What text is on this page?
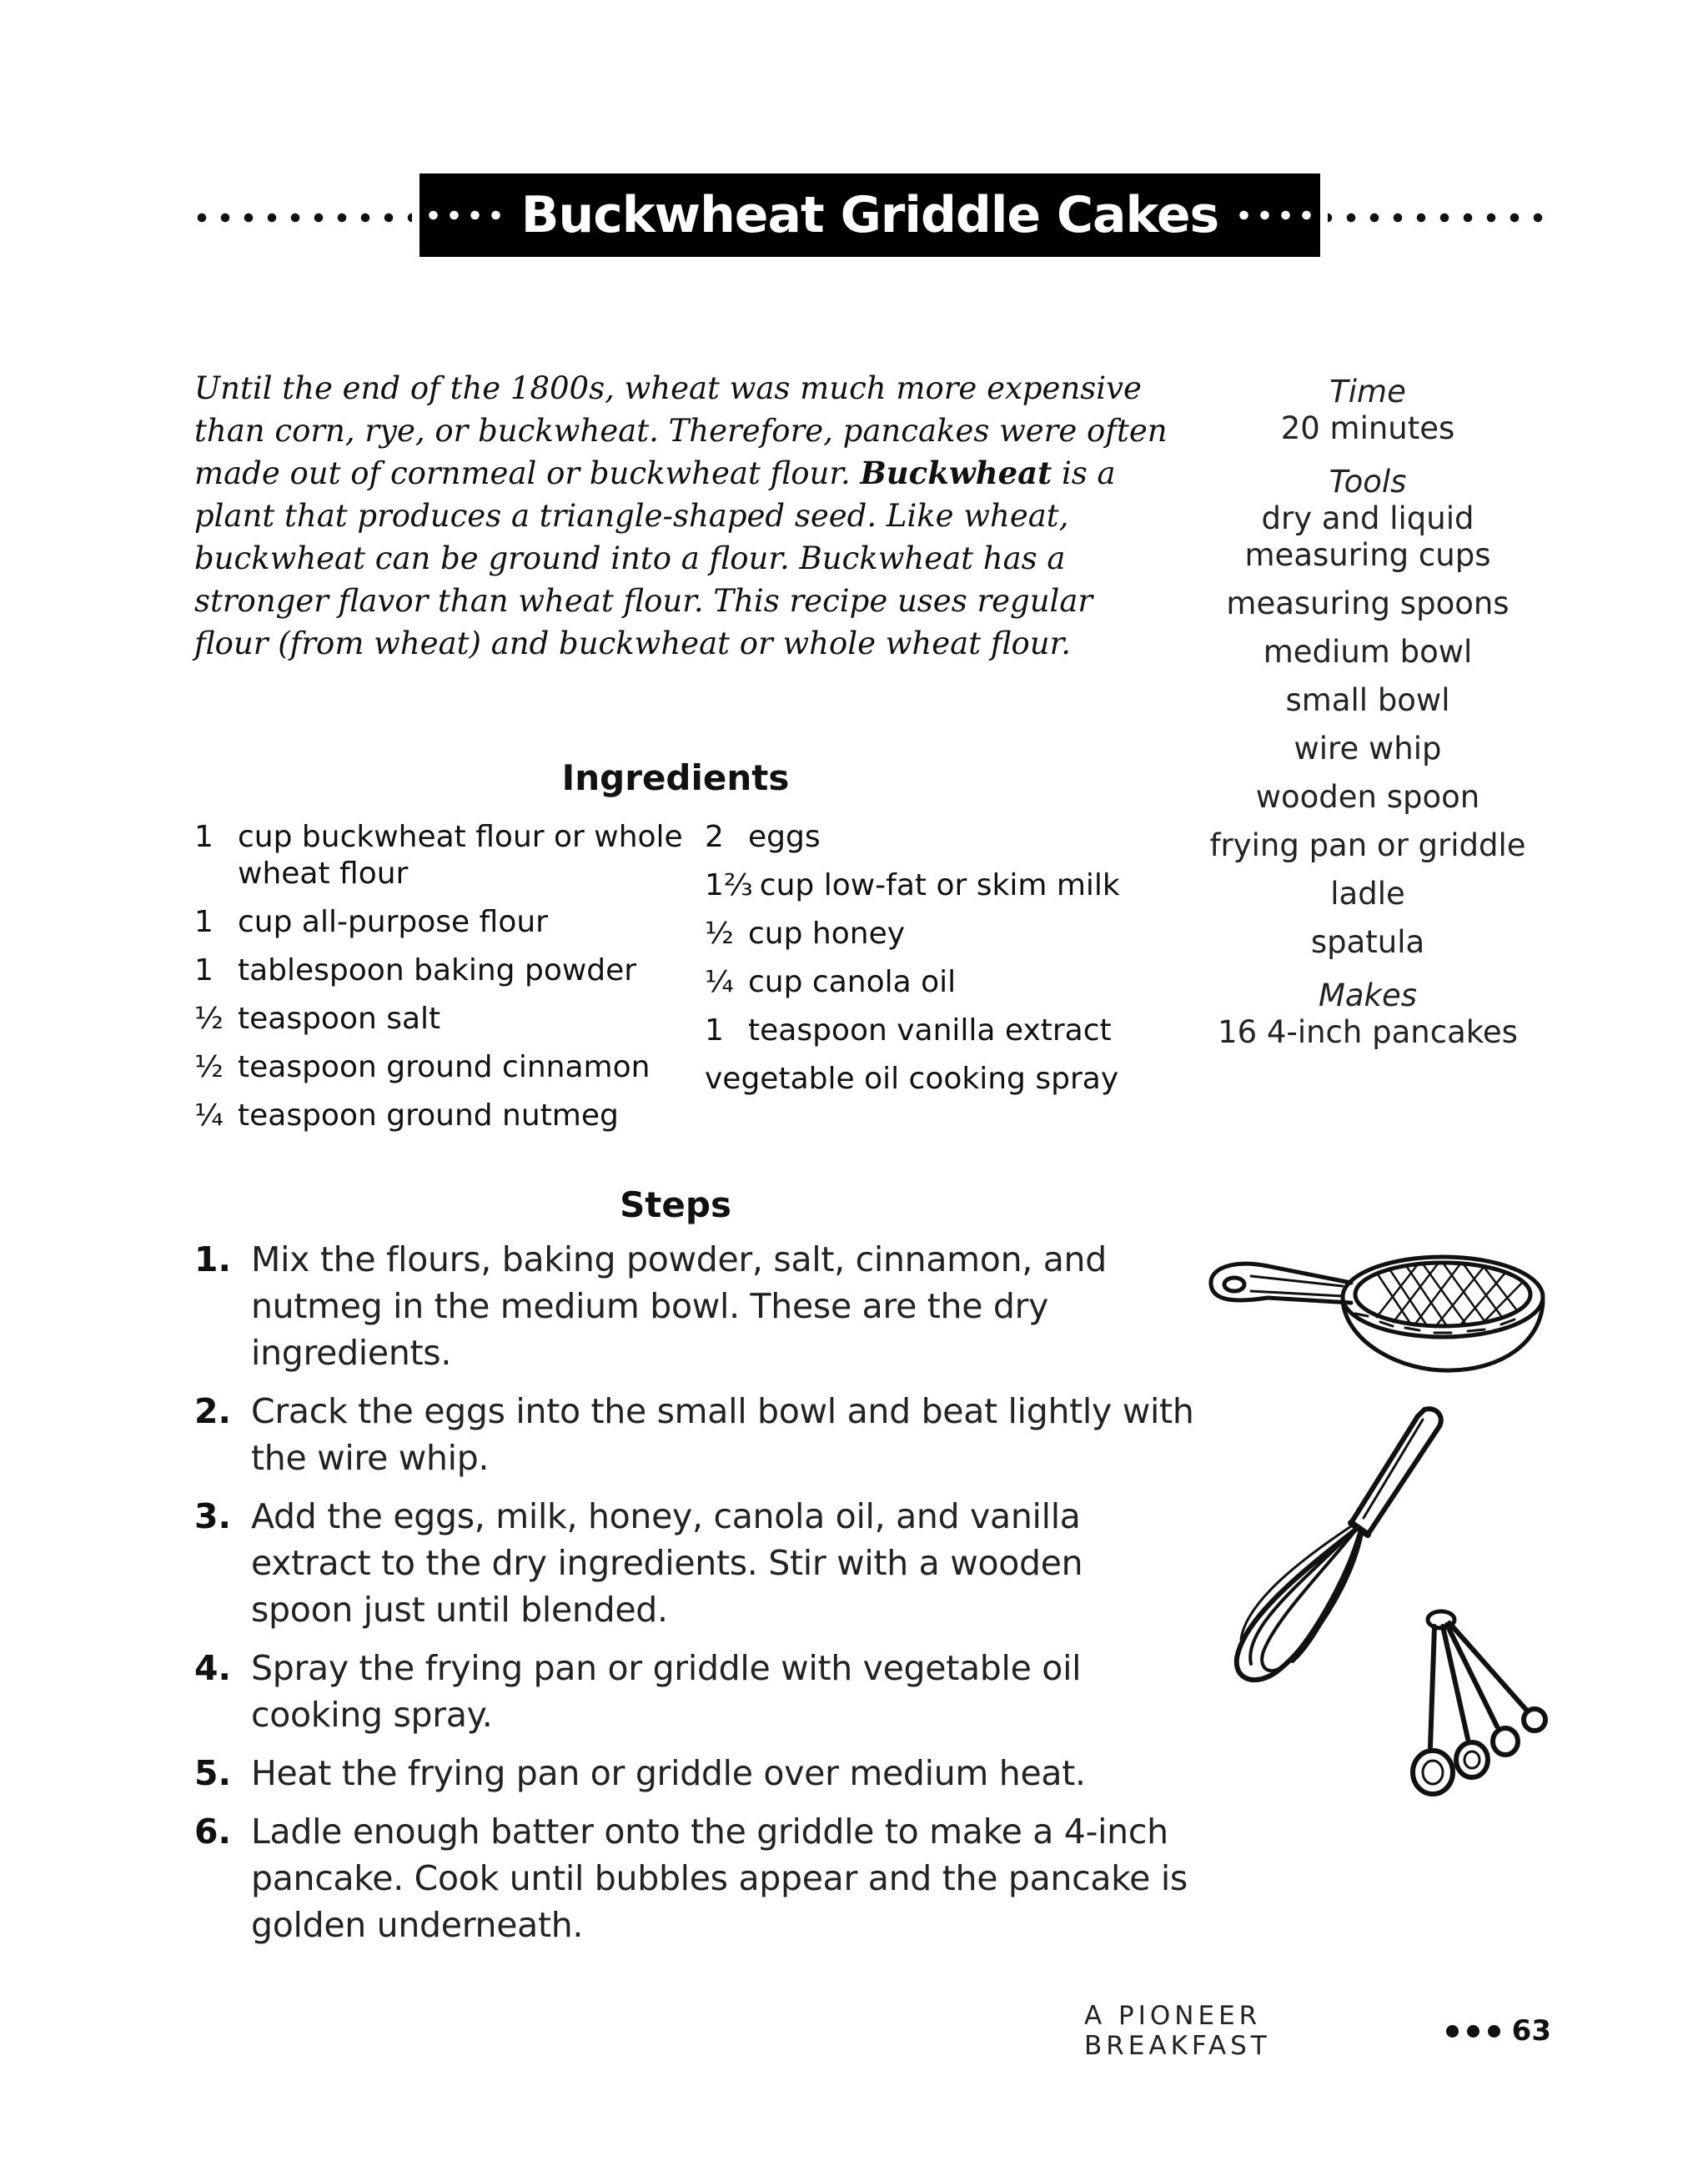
Buckwheat Griddle Cakes

Until the end of the 1800s, wheat was much more expensive than corn, rye, or buckwheat. Therefore, pancakes were often made out of cornmeal or buckwheat flour. Buckwheat is a plant that produces a triangle-shaped seed. Like wheat, buckwheat can be ground into a flour. Buckwheat has a stronger flavor than wheat flour. This recipe uses regular flour (from wheat) and buckwheat or whole wheat flour.

Ingredients
1 cup buckwheat flour or whole wheat flour
1 cup all-purpose flour
1 tablespoon baking powder
½ teaspoon salt
½ teaspoon ground cinnamon
¼ teaspoon ground nutmeg
2 eggs
1⅔ cup low-fat or skim milk
½ cup honey
¼ cup canola oil
1 teaspoon vanilla extract
vegetable oil cooking spray
Steps
1. Mix the flours, baking powder, salt, cinnamon, and nutmeg in the medium bowl. These are the dry ingredients.
2. Crack the eggs into the small bowl and beat lightly with the wire whip.
3. Add the eggs, milk, honey, canola oil, and vanilla extract to the dry ingredients. Stir with a wooden spoon just until blended.
4. Spray the frying pan or griddle with vegetable oil cooking spray.
5. Heat the frying pan or griddle over medium heat.
6. Ladle enough batter onto the griddle to make a 4-inch pancake. Cook until bubbles appear and the pancake is golden underneath.
Time
20 minutes
Tools
dry and liquid measuring cups
measuring spoons
medium bowl
small bowl
wire whip
wooden spoon
frying pan or griddle
ladle
spatula
Makes
16 4-inch pancakes
A PIONEER BREAKFAST	63
